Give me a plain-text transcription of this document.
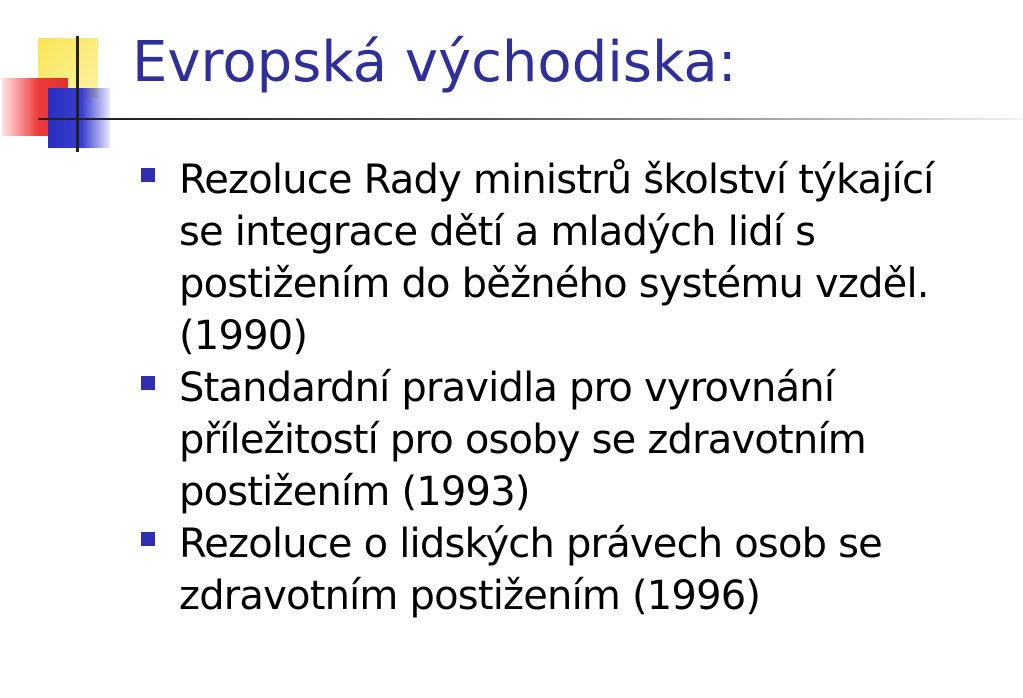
Evropská východiska:
Rezoluce Rady ministrů školství týkající
se integrace dětí a mladých lidí s
postižením do běžného systému vzděl.
(1990)
Standardní pravidla pro vyrovnání
příležitostí pro osoby se zdravotním
postižením (1993)
Rezoluce o lidských právech osob se
zdravotním postižením (1996)
